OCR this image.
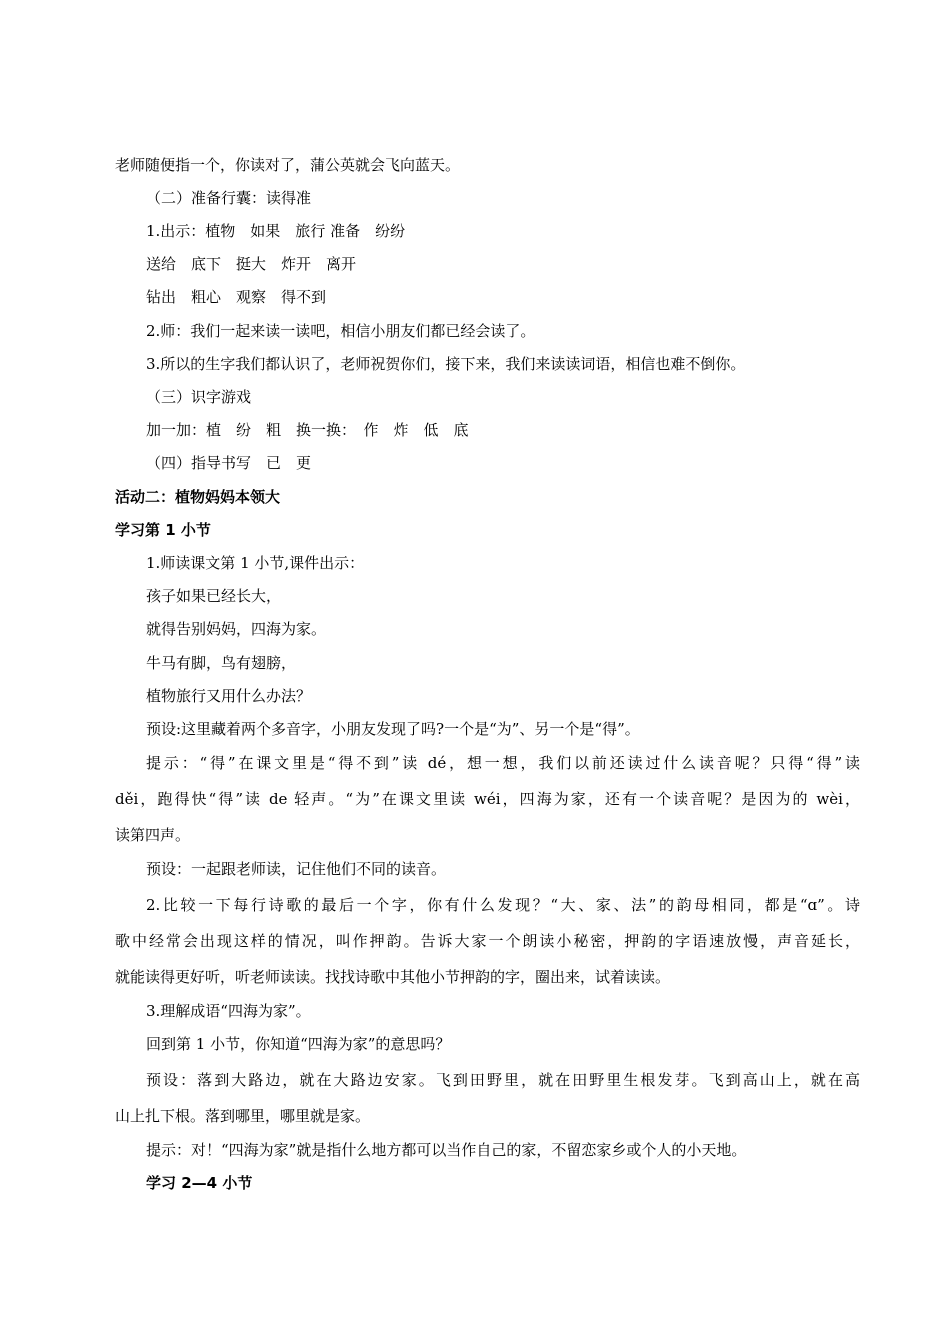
老师随便指一个，你读对了，蒲公英就会飞向蓝天。
（二）准备行囊：读得准
1.出示：植物　如果　旅行 准备　纷纷
送给　底下　挺大　炸开　离开
钻出　粗心　观察　得不到
2.师：我们一起来读一读吧，相信小朋友们都已经会读了。
3.所以的生字我们都认识了，老师祝贺你们，接下来，我们来读读词语，相信也难不倒你。
（三）识字游戏
加一加：植　纷　粗　换一换：　作　炸　低　底
（四）指导书写　已　更
活动二：植物妈妈本领大
学习第 1 小节
1.师读课文第 1 小节,课件出示：
孩子如果已经长大，
就得告别妈妈，四海为家。
牛马有脚，鸟有翅膀，
植物旅行又用什么办法？
预设:这里藏着两个多音字，小朋友发现了吗?一个是“为”、另一个是“得”。
提示：“得”在课文里是“得不到”读 dé，想一想，我们以前还读过什么读音呢？只得“得”读
děi，跑得快“得”读 de 轻声。“为”在课文里读 wéi，四海为家，还有一个读音呢？是因为的 wèi，
读第四声。
预设：一起跟老师读，记住他们不同的读音。
2.比较一下每行诗歌的最后一个字，你有什么发现？“大、家、法”的韵母相同，都是“ɑ”。诗
歌中经常会出现这样的情况，叫作押韵。告诉大家一个朗读小秘密，押韵的字语速放慢，声音延长，
就能读得更好听，听老师读读。找找诗歌中其他小节押韵的字，圈出来，试着读读。
3.理解成语“四海为家”。
回到第 1 小节，你知道“四海为家”的意思吗？
预设：落到大路边，就在大路边安家。飞到田野里，就在田野里生根发芽。飞到高山上，就在高
山上扎下根。落到哪里，哪里就是家。
提示：对！“四海为家”就是指什么地方都可以当作自己的家，不留恋家乡或个人的小天地。
学习 2—4 小节
